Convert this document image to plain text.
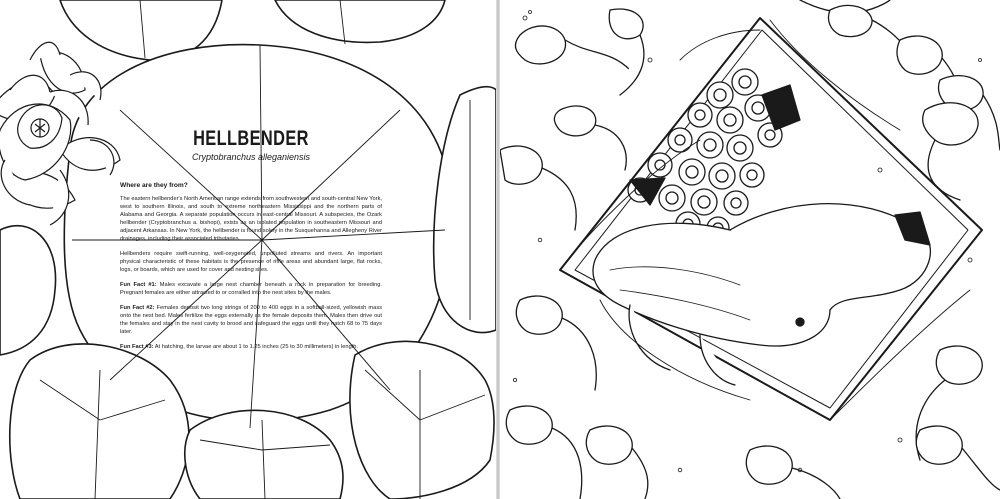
HELLBENDER

Cryptobranchus alleganiensis

Where are they from?

The eastern hellbender's North American range extends from southwestern and south-central New York, west to southern Illinois, and south to extreme northeastern Mississippi and the northern parts of Alabama and Georgia. A separate population occurs in east-central Missouri. A subspecies, the Ozark hellbender (Cryptobranchus a. bishopi), exists as an isolated population in southeastern Missouri and adjacent Arkansas. In New York, the hellbender is found solely in the Susquehanna and Allegheny River drainages, including their associated tributaries.

Hellbenders require swift-running, well-oxygenated, unpolluted streams and rivers. An important physical characteristic of these habitats is the presence of riffle areas and abundant large, flat rocks, logs, or boards, which are used for cover and nesting sites.

Fun Fact #1: Males excavate a large nest chamber beneath a rock in preparation for breeding. Pregnant females are either attracted to or corralled into the nest sites by the males.

Fun Fact #2: Females deposit two long strings of 200 to 400 eggs in a softball-sized, yellowish mass onto the nest bed. Males fertilize the eggs externally as the female deposits them. Males then drive out the females and stay in the nest cavity to brood and safeguard the eggs until they hatch 68 to 75 days later.

Fun Fact #3: At hatching, the larvae are about 1 to 1.25 inches (25 to 30 millimeters) in length.
